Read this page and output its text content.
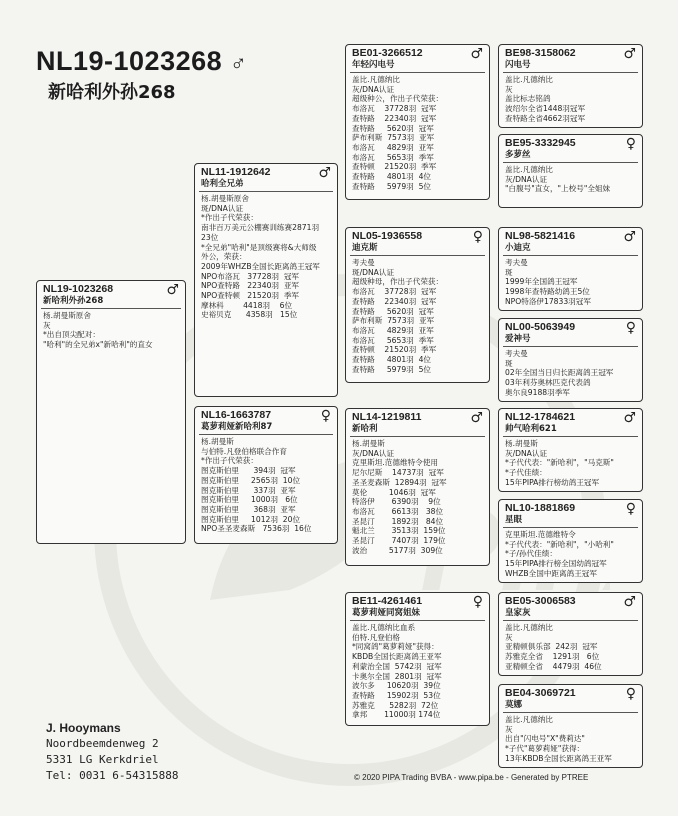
NL19-1023268 ♂
新哈利外孙268
NL19-1023268	♂
新哈利外孙268
杨.胡曼斯原舍
灰
*出自顶尖配对：
"哈利"的全兄弟x"新哈利"的直女
NL11-1912642	♂
哈利全兄弟
杨.胡曼斯原舍
斑/DNA认证
*作出子代荣获：
南非百万美元公棚赛训练赛2871羽
23位
*全兄弟"哈利"是顶级赛将&大师级
外公，荣获：
2009年WHZB全国长距离鸽王冠军
NPO布洛瓦   37728羽  冠军
NPO查特路   22340羽  亚军
NPO查特顿   21520羽  季军
摩林科        4418羽    6位
史裕贝克      4358羽   15位
NL16-1663787	♀
葛萝莉娅新哈利87
杨.胡曼斯
与伯特.凡登伯格联合作育
*作出子代荣获：
图克斯伯里      394羽  冠军
图克斯伯里     2565羽  10位
图克斯伯里      337羽  亚军
图克斯伯里     1000羽   6位
图克斯伯里      368羽  亚军
图克斯伯里     1012羽  20位
NPO圣圣麦森斯   7536羽  16位
BE01-3266512	♂
年轻闪电号
盖比.凡德纳比
灰/DNA认证
超级种公，作出子代荣获：
布洛瓦    37728羽  冠军
查特路    22340羽  冠军
查特路     5620羽  冠军
萨布利斯  7573羽  亚军
布洛瓦     4829羽  亚军
布洛瓦     5653羽  季军
查特顿    21520羽  季军
查特路     4801羽  4位
查特路     5979羽  5位
NL05-1936558	♀
迪克斯
考夫曼
斑/DNA认证
超级种母，作出子代荣获：
布洛瓦    37728羽  冠军
查特路    22340羽  冠军
查特路     5620羽  冠军
萨布利斯  7573羽  亚军
布洛瓦     4829羽  亚军
布洛瓦     5653羽  季军
查特顿    21520羽  季军
查特路     4801羽  4位
查特路     5979羽  5位
NL14-1219811	♂
新哈利
杨.胡曼斯
灰/DNA认证
克里斯坦.范德维特令使用
尼尔尼斯    14737羽  冠军
圣圣麦森斯  12894羽  冠军
莫伦         1046羽  冠军
特洛伊       6390羽    9位
布洛瓦       6613羽   38位
圣昆汀       1892羽   84位
魁北兰       3513羽  159位
圣昆汀       7407羽  179位
波治         5177羽  309位
BE11-4261461	♀
葛萝莉娅同窝姐妹
盖比.凡德纳比血系
伯特.凡登伯格
*同窝鸽"葛萝莉娅"获得：
KBDB全国长距离鸽王亚军
利蒙治全国  5742羽  冠军
卡奥尔全国  2801羽  冠军
波尔多     10620羽  39位
查特路     15902羽  53位
苏雅克      5282羽  72位
拿邦       11000羽 174位
BE98-3158062	♂
闪电号
盖比.凡德纳比
灰
盖比标志铭鸽
波绍尔全省1448羽冠军
查特路全省4662羽冠军
BE95-3332945	♀
多萝丝
盖比.凡德纳比
灰/DNA认证
"白腹号"直女，"上校号"全姐妹
NL98-5821416	♂
小迪克
考夫曼
斑
1999年全国鸽王冠军
1998年查特路幼鸽王5位
NPO特洛伊17833羽冠军
NL00-5063949	♀
爱神号
考夫曼
斑
02年全国当日归长距离鸽王冠军
03年利芬奥林匹克代表鸽
奥尔良9188羽季军
NL12-1784621	♂
帅气哈利621
杨.胡曼斯
灰/DNA认证
*子代代表："新哈利"，"马克斯"
*子代佳绩：
15年PIPA排行榜幼鸽王冠军
NL10-1881869	♀
星眼
克里斯坦.范德维特令
*子代代表："新哈利"，"小哈利"
*子/孙代佳绩：
15年PIPA排行榜全国幼鸽冠军
WHZB全国中距离鸽王冠军
BE05-3006583	♂
皇家灰
盖比.凡德纳比
灰
亚精顿俱乐部  242羽  冠军
苏雅克全省    1291羽   6位
亚精顿全省    4479羽  46位
BE04-3069721	♀
莫娜
盖比.凡德纳比
灰
出自"闪电号"X"费莉达"
*子代"葛萝莉娅"获得：
13年KBDB全国长距离鸽王亚军
J. Hooymans
Noordbeemdenweg 2
5331 LG Kerkdriel
Tel: 0031 6-54315888	© 2020 PIPA Trading BVBA - www.pipa.be - Generated by PTREE
